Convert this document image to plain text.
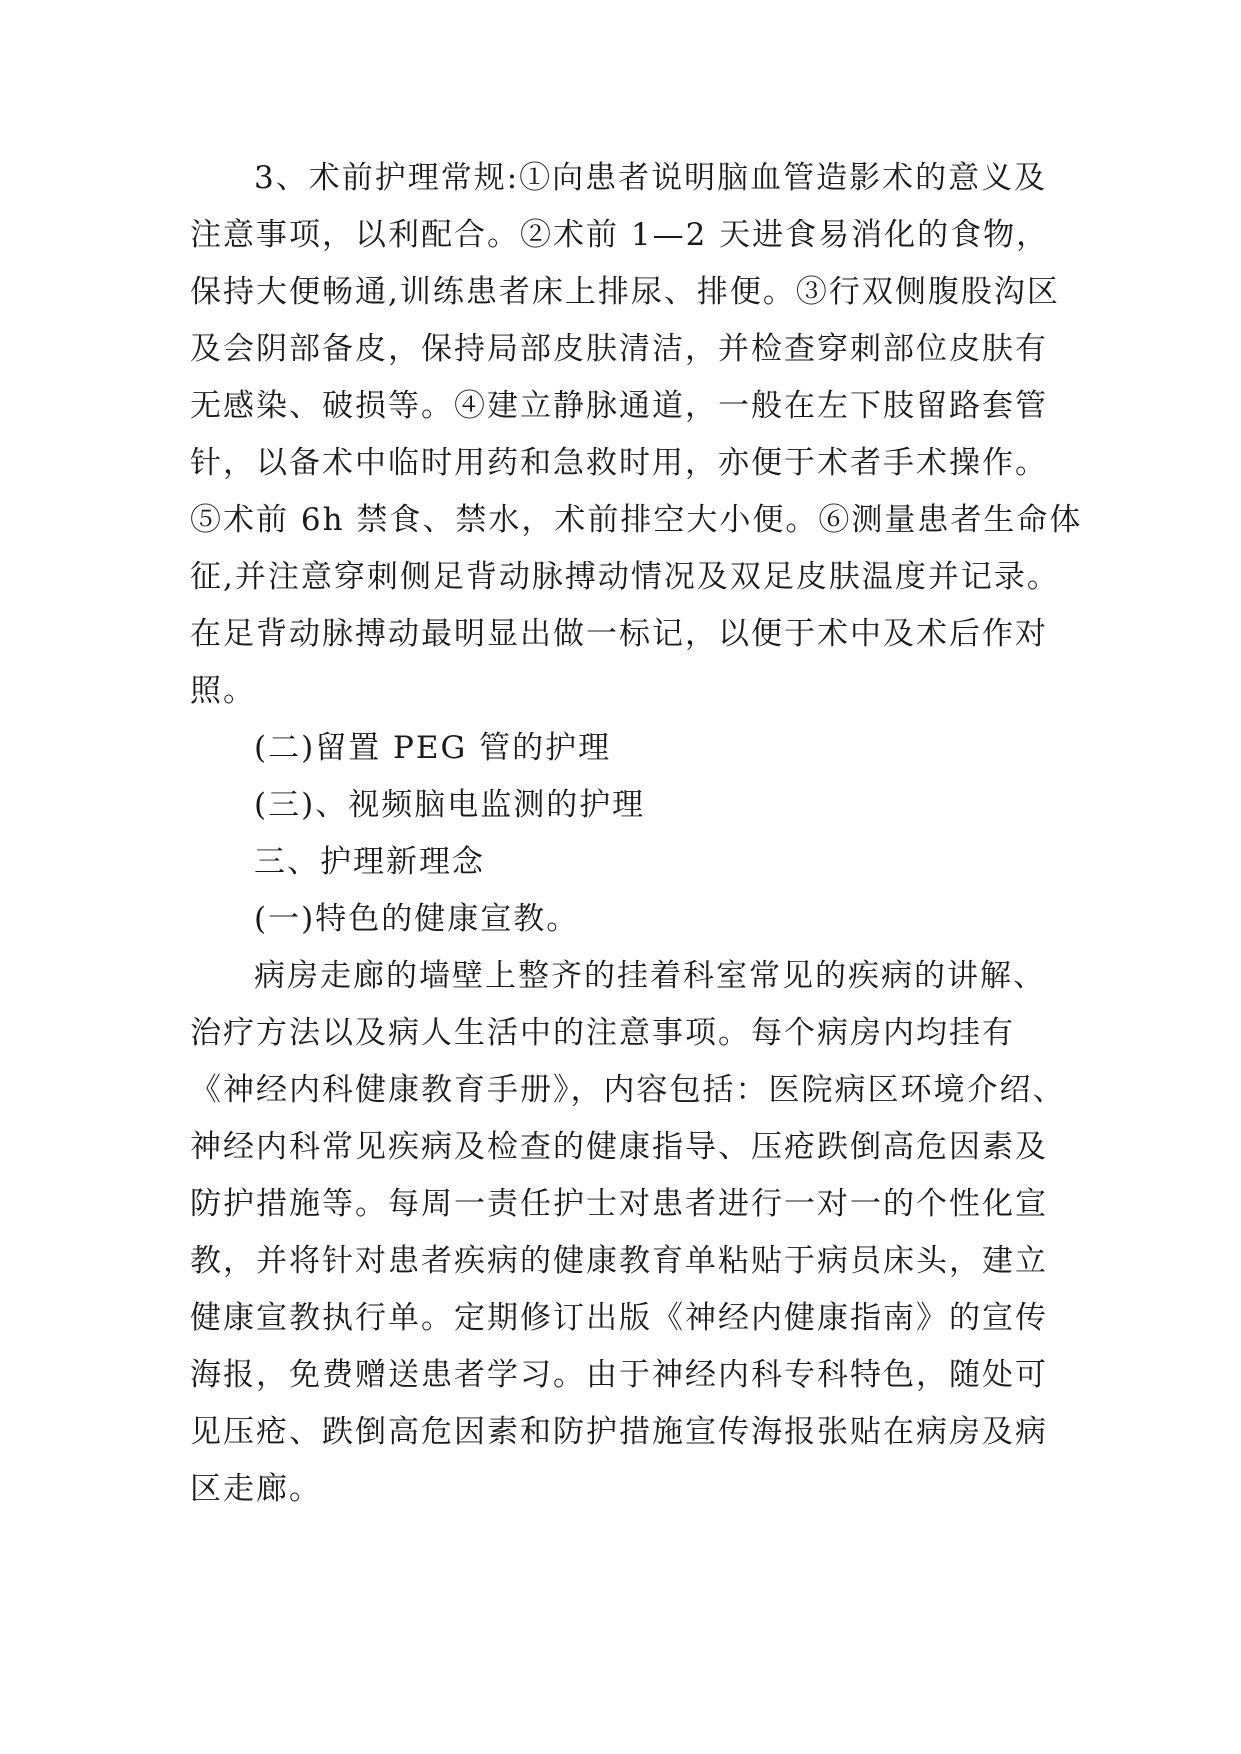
3、术前护理常规:①向患者说明脑血管造影术的意义及
注意事项，以利配合。②术前 1—2 天进食易消化的食物，
保持大便畅通,训练患者床上排尿、排便。③行双侧腹股沟区
及会阴部备皮，保持局部皮肤清洁，并检查穿刺部位皮肤有
无感染、破损等。④建立静脉通道，一般在左下肢留路套管
针，以备术中临时用药和急救时用，亦便于术者手术操作。
⑤术前 6h 禁食、禁水，术前排空大小便。⑥测量患者生命体
征,并注意穿刺侧足背动脉搏动情况及双足皮肤温度并记录。
在足背动脉搏动最明显出做一标记，以便于术中及术后作对
照。
(二)留置 PEG 管的护理
(三)、视频脑电监测的护理
三、护理新理念
(一)特色的健康宣教。
病房走廊的墙壁上整齐的挂着科室常见的疾病的讲解、
治疗方法以及病人生活中的注意事项。每个病房内均挂有
《神经内科健康教育手册》，内容包括：医院病区环境介绍、
神经内科常见疾病及检查的健康指导、压疮跌倒高危因素及
防护措施等。每周一责任护士对患者进行一对一的个性化宣
教，并将针对患者疾病的健康教育单粘贴于病员床头，建立
健康宣教执行单。定期修订出版《神经内健康指南》的宣传
海报，免费赠送患者学习。由于神经内科专科特色，随处可
见压疮、跌倒高危因素和防护措施宣传海报张贴在病房及病
区走廊。
